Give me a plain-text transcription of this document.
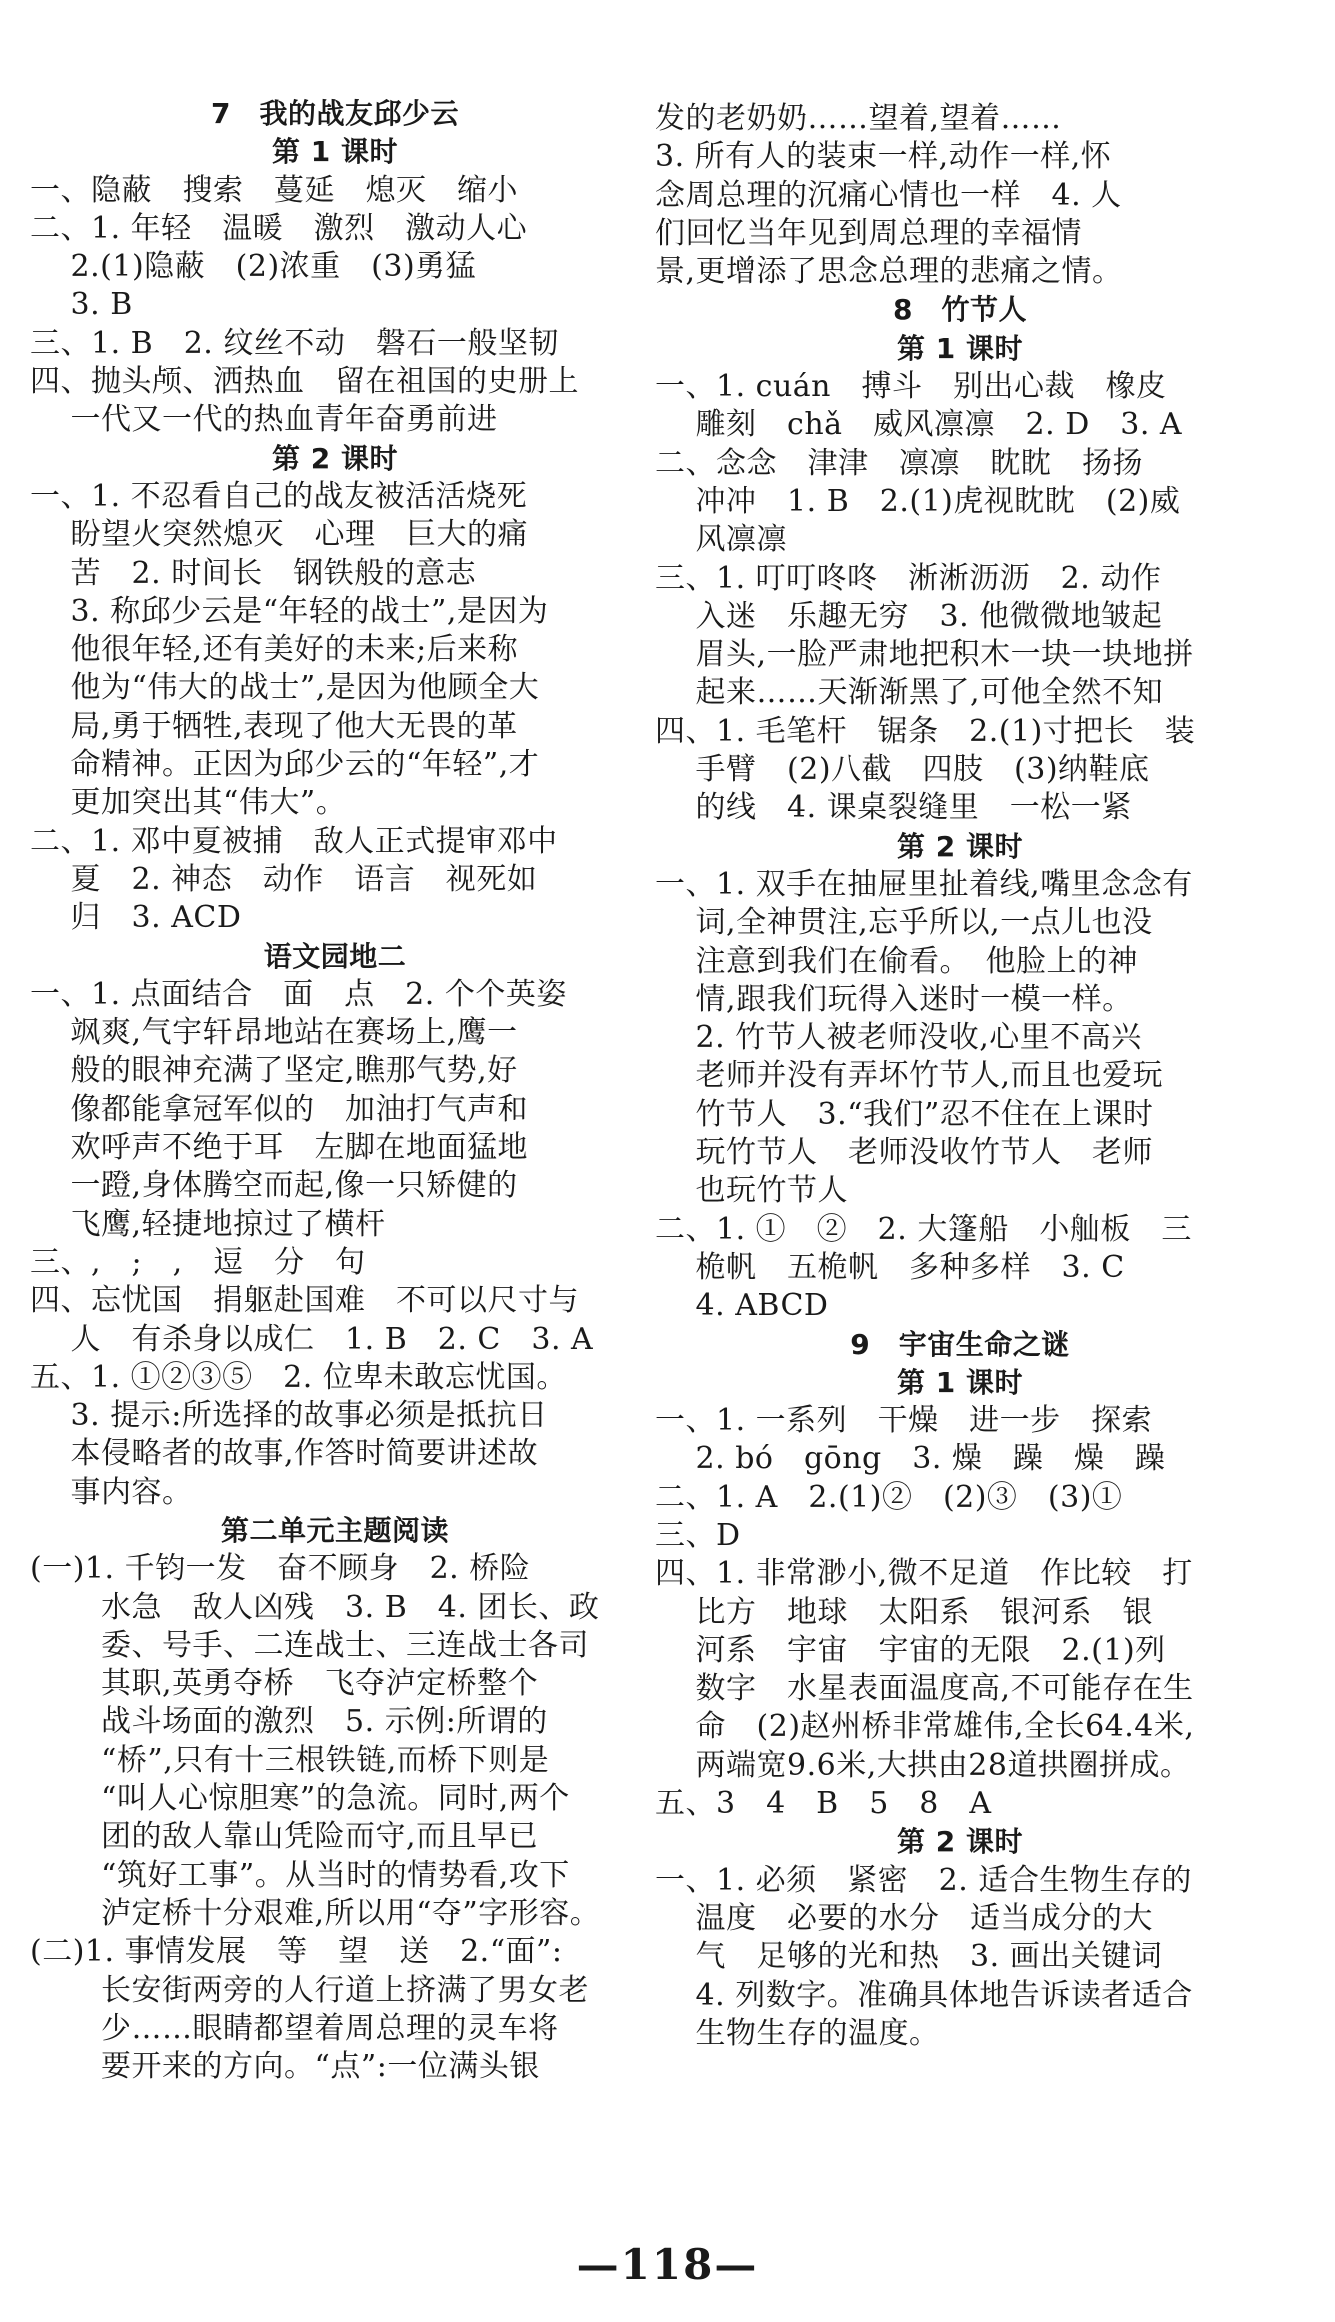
7　我的战友邱少云
第 1 课时
一、隐蔽　搜索　蔓延　熄灭　缩小
二、1. 年轻　温暖　激烈　激动人心
　 2.(1)隐蔽　(2)浓重　(3)勇猛
　 3. B
三、1. B　2. 纹丝不动　磐石一般坚韧
四、抛头颅、洒热血　留在祖国的史册上
　 一代又一代的热血青年奋勇前进
第 2 课时
一、1. 不忍看自己的战友被活活烧死
　 盼望火突然熄灭　心理　巨大的痛
　 苦　2. 时间长　钢铁般的意志
　 3. 称邱少云是“年轻的战士”,是因为
　 他很年轻,还有美好的未来;后来称
　 他为“伟大的战士”,是因为他顾全大
　 局,勇于牺牲,表现了他大无畏的革
　 命精神。正因为邱少云的“年轻”,才
　 更加突出其“伟大”。
二、1. 邓中夏被捕　敌人正式提审邓中
　 夏　2. 神态　动作　语言　视死如
　 归　3. ACD
语文园地二
一、1. 点面结合　面　点　2. 个个英姿
　 飒爽,气宇轩昂地站在赛场上,鹰一
　 般的眼神充满了坚定,瞧那气势,好
　 像都能拿冠军似的　加油打气声和
　 欢呼声不绝于耳　左脚在地面猛地
　 一蹬,身体腾空而起,像一只矫健的
　 飞鹰,轻捷地掠过了横杆
三、,　;　,　逗　分　句
四、忘忧国　捐躯赴国难　不可以尺寸与
　 人　有杀身以成仁　1. B　2. C　3. A
五、1. ①②③⑤　2. 位卑未敢忘忧国。
　 3. 提示:所选择的故事必须是抵抗日
　 本侵略者的故事,作答时简要讲述故
　 事内容。
第二单元主题阅读
(一)1. 千钧一发　奋不顾身　2. 桥险
　　 水急　敌人凶残　3. B　4. 团长、政
　　 委、号手、二连战士、三连战士各司
　　 其职,英勇夺桥　飞夺泸定桥整个
　　 战斗场面的激烈　5. 示例:所谓的
　　 “桥”,只有十三根铁链,而桥下则是
　　 “叫人心惊胆寒”的急流。同时,两个
　　 团的敌人靠山凭险而守,而且早已
　　 “筑好工事”。从当时的情势看,攻下
　　 泸定桥十分艰难,所以用“夺”字形容。
(二)1. 事情发展　等　望　送　2.“面”:
　　 长安街两旁的人行道上挤满了男女老
　　 少……眼睛都望着周总理的灵车将
　　 要开来的方向。“点”:一位满头银
发的老奶奶……望着,望着……
3. 所有人的装束一样,动作一样,怀
念周总理的沉痛心情也一样　4. 人
们回忆当年见到周总理的幸福情
景,更增添了思念总理的悲痛之情。
8　竹节人
第 1 课时
一、1. cuán　搏斗　别出心裁　橡皮
　 雕刻　chǎ　威风凛凛　2. D　3. A
二、念念　津津　凛凛　眈眈　扬扬
　 冲冲　1. B　2.(1)虎视眈眈　(2)威
　 风凛凛
三、1. 叮叮咚咚　淅淅沥沥　2. 动作
　 入迷　乐趣无穷　3. 他微微地皱起
　 眉头,一脸严肃地把积木一块一块地拼
　 起来……天渐渐黑了,可他全然不知
四、1. 毛笔杆　锯条　2.(1)寸把长　装
　 手臂　(2)八截　四肢　(3)纳鞋底
　 的线　4. 课桌裂缝里　一松一紧
第 2 课时
一、1. 双手在抽屉里扯着线,嘴里念念有
　 词,全神贯注,忘乎所以,一点儿也没
　 注意到我们在偷看。　他脸上的神
　 情,跟我们玩得入迷时一模一样。
　 2. 竹节人被老师没收,心里不高兴
　 老师并没有弄坏竹节人,而且也爱玩
　 竹节人　3.“我们”忍不住在上课时
　 玩竹节人　老师没收竹节人　老师
　 也玩竹节人
二、1. ①　②　2. 大篷船　小舢板　三
　 桅帆　五桅帆　多种多样　3. C
　 4. ABCD
9　宇宙生命之谜
第 1 课时
一、1. 一系列　干燥　进一步　探索
　 2. bó　gōng　3. 燥　躁　燥　躁
二、1. A　2.(1)②　(2)③　(3)①
三、D
四、1. 非常渺小,微不足道　作比较　打
　 比方　地球　太阳系　银河系　银
　 河系　宇宙　宇宙的无限　2.(1)列
　 数字　水星表面温度高,不可能存在生
　 命　(2)赵州桥非常雄伟,全长64.4米,
　 两端宽9.6米,大拱由28道拱圈拼成。
五、3　4　B　5　8　A
第 2 课时
一、1. 必须　紧密　2. 适合生物生存的
　 温度　必要的水分　适当成分的大
　 气　足够的光和热　3. 画出关键词
　 4. 列数字。准确具体地告诉读者适合
　 生物生存的温度。
—118—
